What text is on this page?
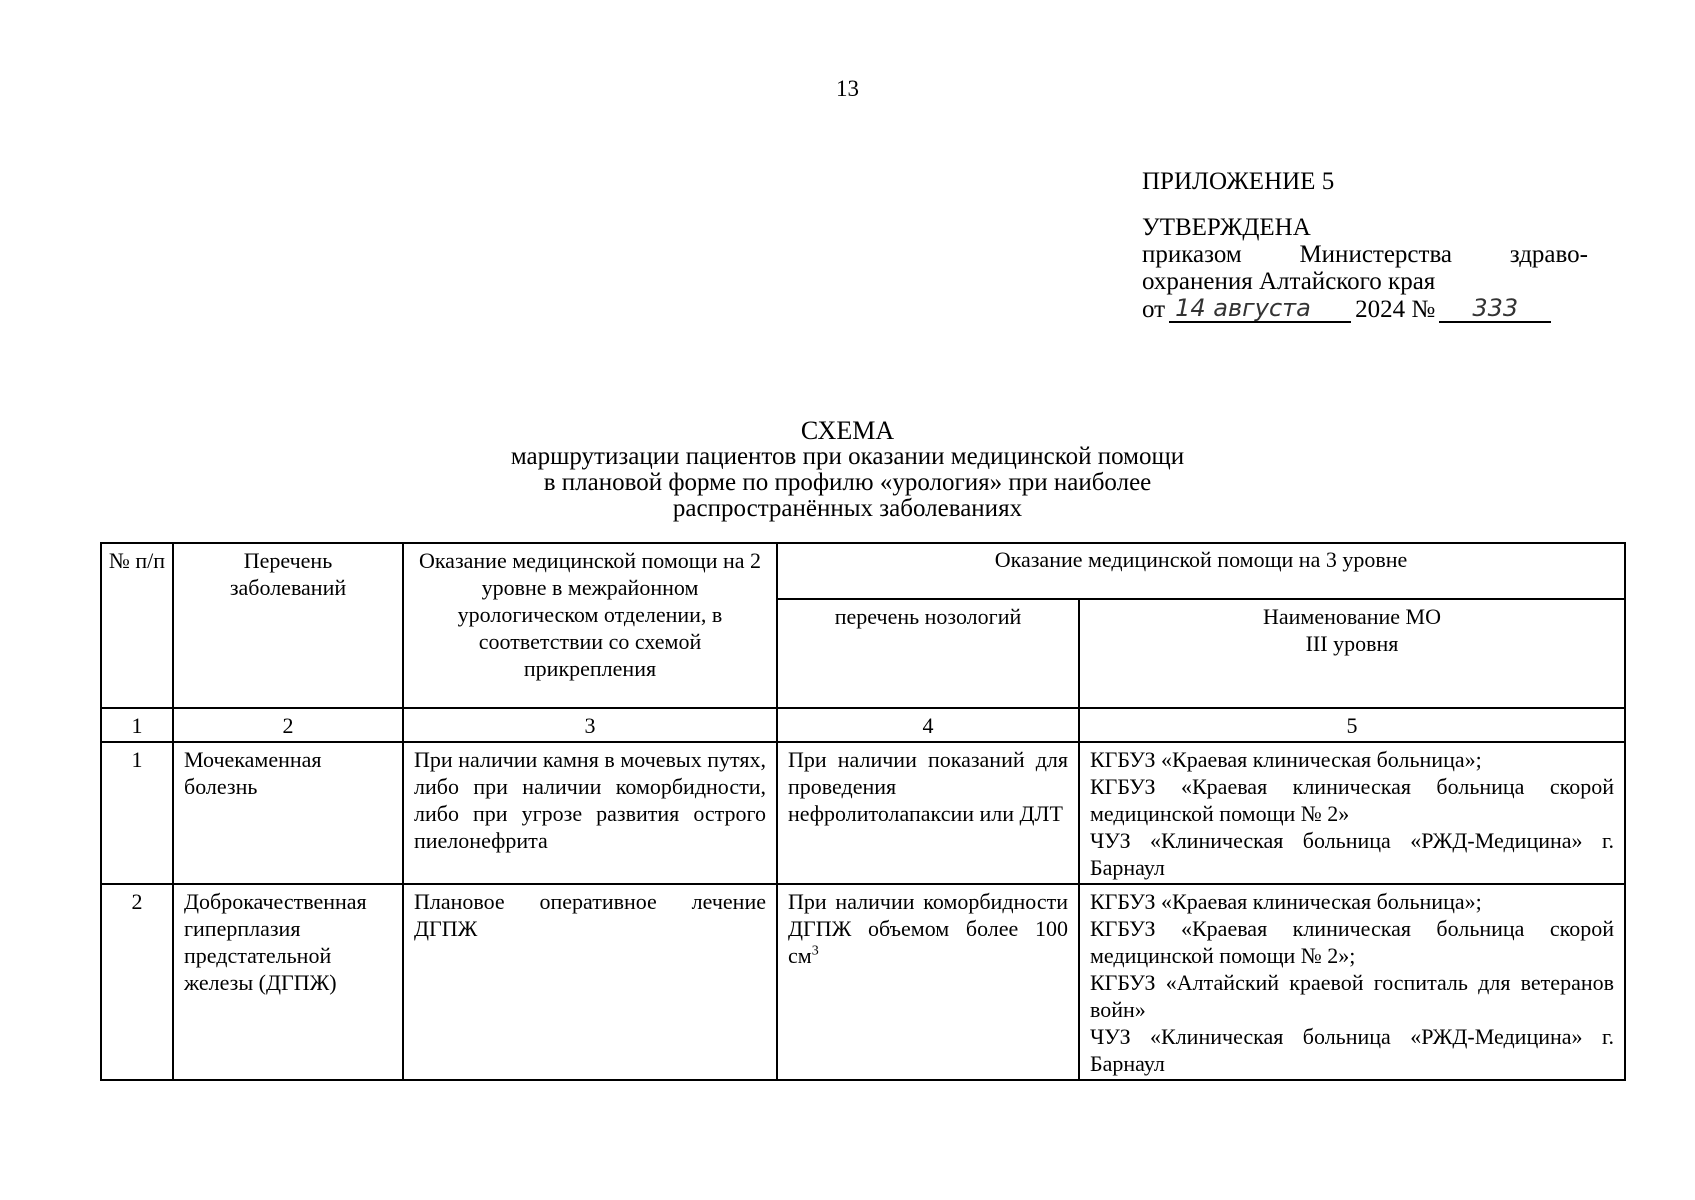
13
ПРИЛОЖЕНИЕ 5
УТВЕРЖДЕНА
приказом Министерства здраво-
охранения Алтайского края
от 14 августа	2024 №	333
СХЕМА
маршрутизации пациентов при оказании медицинской помощи
в плановой форме по профилю «урология» при наиболее
распространённых заболеваниях
№ п/п	Перечень заболеваний	Оказание медицинской помощи на 2 уровне в межрайонном урологическом отделении, в соответствии со схемой прикрепления	Оказание медицинской помощи на 3 уровне	
			перечень нозологий	Наименование МО
III уровня

1	2	3	4	5
1	Мочекаменная болезнь	При наличии камня в мочевых путях, либо при наличии коморбидности, либо при угрозе развития острого пиелонефрита	При наличии показаний для проведения нефролитолапаксии или ДЛТ	КГБУЗ «Краевая клиническая больница»;
КГБУЗ «Краевая клиническая больница скорой медицинской помощи № 2»
ЧУЗ «Клиническая больница «РЖД-Медицина» г. Барнаул

2	Доброкачественная гиперплазия предстательной железы (ДГПЖ)	Плановое оперативное лечение ДГПЖ	При наличии коморбидности ДГПЖ объемом более 100 $см^3$	КГБУЗ «Краевая клиническая больница»;
КГБУЗ «Краевая клиническая больница скорой медицинской помощи № 2»;
КГБУЗ «Алтайский краевой госпиталь для ветеранов войн»
ЧУЗ «Клиническая больница «РЖД-Медицина» г. Барнаул
